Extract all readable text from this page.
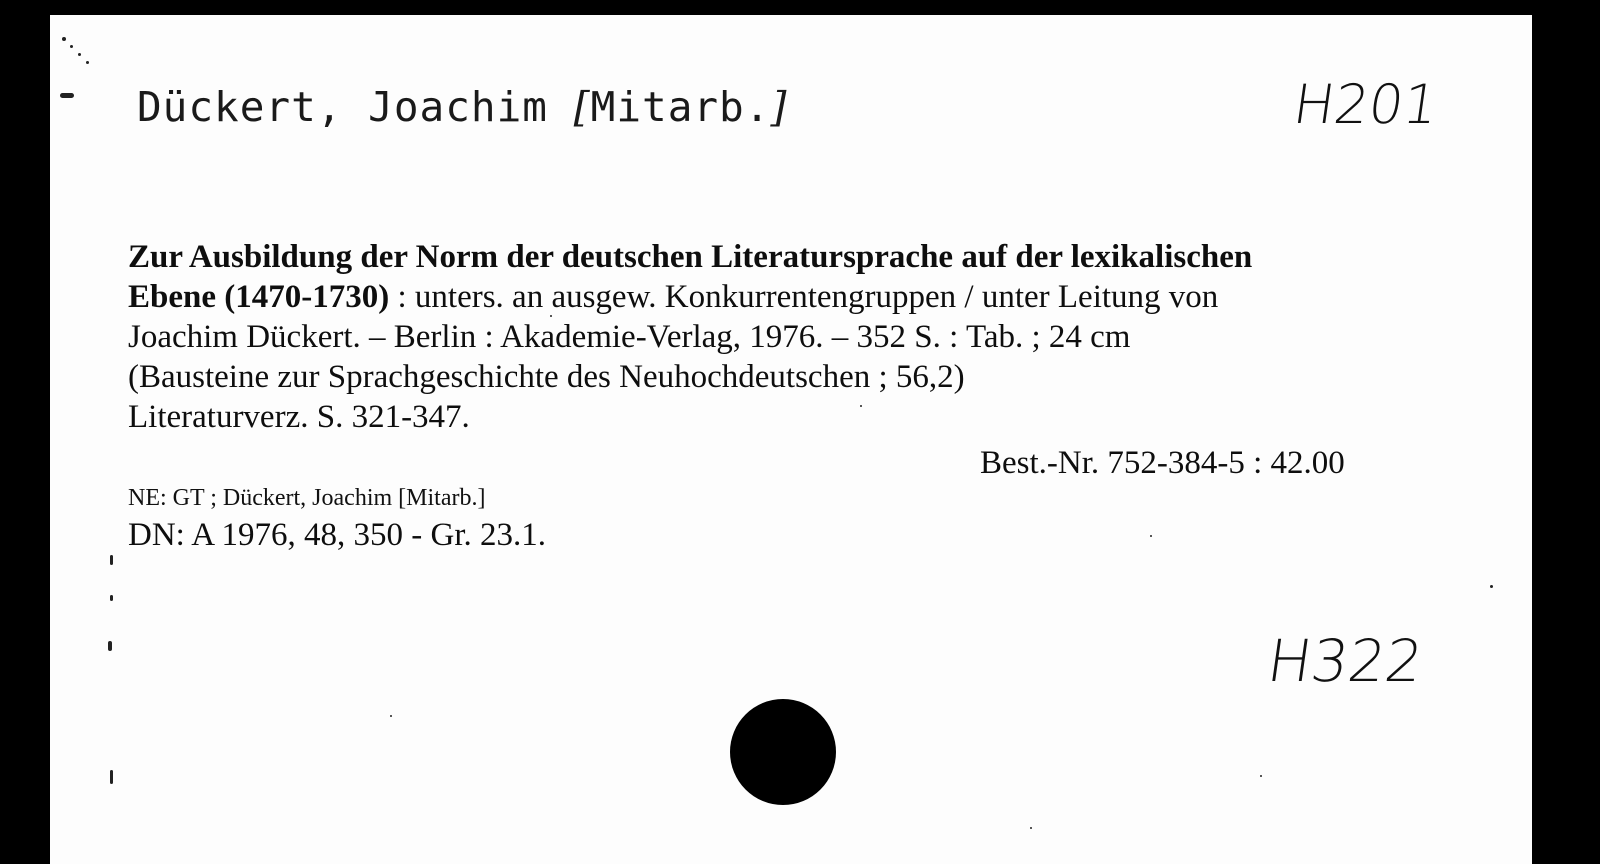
Dückert, Joachim [Mitarb.]	H201
Zur Ausbildung der Norm der deutschen Literatursprache auf der lexikalischen
Ebene (1470-1730) : unters. an ausgew. Konkurrentengruppen / unter Leitung von
Joachim Dückert. – Berlin : Akademie-Verlag, 1976. – 352 S. : Tab. ; 24 cm
(Bausteine zur Sprachgeschichte des Neuhochdeutschen ; 56,2)
Literaturverz. S. 321-347.
Best.-Nr. 752-384-5 : 42.00
NE: GT ; Dückert, Joachim [Mitarb.]
DN: A 1976, 48, 350 - Gr. 23.1.
H322
